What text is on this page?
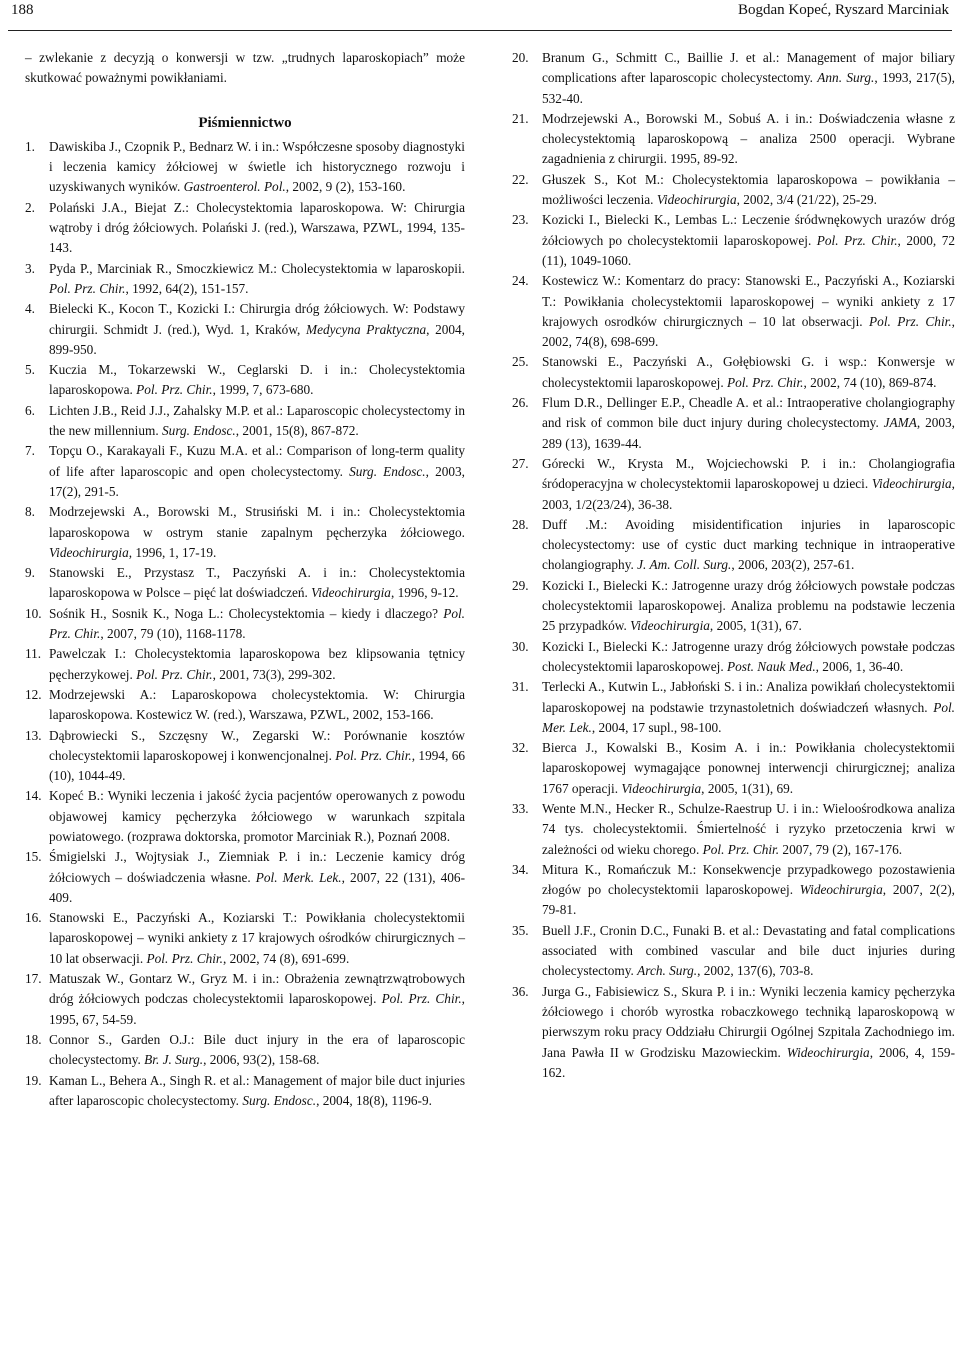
188	Bogdan Kopeć, Ryszard Marciniak

– zwlekanie z decyzją o konwersji w tzw. „trudnych laparoskopiach” może skutkować poważnymi powikłaniami.

Piśmiennictwo
1. Dawiskiba J., Czopnik P., Bednarz W. i in.: Współczesne sposoby diagnostyki i leczenia kamicy żółciowej w świetle ich historycznego rozwoju i uzyskiwanych wyników. Gastroenterol. Pol., 2002, 9 (2), 153-160.
2. Polański J.A., Biejat Z.: Cholecystektomia laparoskopowa. W: Chirurgia wątroby i dróg żółciowych. Polański J. (red.), Warszawa, PZWL, 1994, 135-143.
3. Pyda P., Marciniak R., Smoczkiewicz M.: Cholecystektomia w laparoskopii. Pol. Prz. Chir., 1992, 64(2), 151-157.
4. Bielecki K., Kocon T., Kozicki I.: Chirurgia dróg żółciowych. W: Podstawy chirurgii. Schmidt J. (red.), Wyd. 1, Kraków, Medycyna Praktyczna, 2004, 899-950.
5. Kuczia M., Tokarzewski W., Ceglarski D. i in.: Cholecystektomia laparoskopowa. Pol. Prz. Chir., 1999, 7, 673-680.
6. Lichten J.B., Reid J.J., Zahalsky M.P. et al.: Laparoscopic cholecystectomy in the new millennium. Surg. Endosc., 2001, 15(8), 867-872.
7. Topçu O., Karakayali F., Kuzu M.A. et al.: Comparison of long-term quality of life after laparoscopic and open cholecystectomy. Surg. Endosc., 2003, 17(2), 291-5.
8. Modrzejewski A., Borowski M., Strusiński M. i in.: Cholecystektomia laparoskopowa w ostrym stanie zapalnym pęcherzyka żółciowego. Videochirurgia, 1996, 1, 17-19.
9. Stanowski E., Przystasz T., Paczyński A. i in.: Cholecystektomia laparoskopowa w Polsce – pięć lat doświadczeń. Videochirurgia, 1996, 9-12.
10. Sośnik H., Sosnik K., Noga L.: Cholecystektomia – kiedy i dlaczego? Pol. Prz. Chir., 2007, 79 (10), 1168-1178.
11. Pawelczak I.: Cholecystektomia laparoskopowa bez klipsowania tętnicy pęcherzykowej. Pol. Prz. Chir., 2001, 73(3), 299-302.
12. Modrzejewski A.: Laparoskopowa cholecystektomia. W: Chirurgia laparoskopowa. Kostewicz W. (red.), Warszawa, PZWL, 2002, 153-166.
13. Dąbrowiecki S., Szczęsny W., Zegarski W.: Porównanie kosztów cholecystektomii laparoskopowej i konwencjonalnej. Pol. Prz. Chir., 1994, 66 (10), 1044-49.
14. Kopeć B.: Wyniki leczenia i jakość życia pacjentów operowanych z powodu objawowej kamicy pęcherzyka żółciowego w warunkach szpitala powiatowego. (rozprawa doktorska, promotor Marciniak R.), Poznań 2008.
15. Śmigielski J., Wojtysiak J., Ziemniak P. i in.: Leczenie kamicy dróg żółciowych – doświadczenia własne. Pol. Merk. Lek., 2007, 22 (131), 406-409.
16. Stanowski E., Paczyński A., Koziarski T.: Powikłania cholecystektomii laparoskopowej – wyniki ankiety z 17 krajowych ośrodków chirurgicznych – 10 lat obserwacji. Pol. Prz. Chir., 2002, 74 (8), 691-699.
17. Matuszak W., Gontarz W., Gryz M. i in.: Obrażenia zewnątrzwątrobowych dróg żółciowych podczas cholecystektomii laparoskopowej. Pol. Prz. Chir., 1995, 67, 54-59.
18. Connor S., Garden O.J.: Bile duct injury in the era of laparoscopic cholecystectomy. Br. J. Surg., 2006, 93(2), 158-68.
19. Kaman L., Behera A., Singh R. et al.: Management of major bile duct injuries after laparoscopic cholecystectomy. Surg. Endosc., 2004, 18(8), 1196-9.
20. Branum G., Schmitt C., Baillie J. et al.: Management of major biliary complications after laparoscopic cholecystectomy. Ann. Surg., 1993, 217(5), 532-40.
21. Modrzejewski A., Borowski M., Sobuś A. i in.: Doświadczenia własne z cholecystektomią laparoskopową – analiza 2500 operacji. Wybrane zagadnienia z chirurgii. 1995, 89-92.
22. Głuszek S., Kot M.: Cholecystektomia laparoskopowa – powikłania – możliwości leczenia. Videochirurgia, 2002, 3/4 (21/22), 25-29.
23. Kozicki I., Bielecki K., Lembas L.: Leczenie śródwnękowych urazów dróg żółciowych po cholecystektomii laparoskopowej. Pol. Prz. Chir., 2000, 72 (11), 1049-1060.
24. Kostewicz W.: Komentarz do pracy: Stanowski E., Paczyński A., Koziarski T.: Powikłania cholecystektomii laparoskopowej – wyniki ankiety z 17 krajowych osrodków chirurgicznych – 10 lat obserwacji. Pol. Prz. Chir., 2002, 74(8), 698-699.
25. Stanowski E., Paczyński A., Gołębiowski G. i wsp.: Konwersje w cholecystektomii laparoskopowej. Pol. Prz. Chir., 2002, 74 (10), 869-874.
26. Flum D.R., Dellinger E.P., Cheadle A. et al.: Intraoperative cholangiography and risk of common bile duct injury during cholecystectomy. JAMA, 2003, 289 (13), 1639-44.
27. Górecki W., Krysta M., Wojciechowski P. i in.: Cholangiografia śródoperacyjna w cholecystektomii laparoskopowej u dzieci. Videochirurgia, 2003, 1/2(23/24), 36-38.
28. Duff .M.: Avoiding misidentification injuries in laparoscopic cholecystectomy: use of cystic duct marking technique in intraoperative cholangiography. J. Am. Coll. Surg., 2006, 203(2), 257-61.
29. Kozicki I., Bielecki K.: Jatrogenne urazy dróg żółciowych powstałe podczas cholecystektomii laparoskopowej. Analiza problemu na podstawie leczenia 25 przypadków. Videochirurgia, 2005, 1(31), 67.
30. Kozicki I., Bielecki K.: Jatrogenne urazy dróg żółciowych powstałe podczas cholecystektomii laparoskopowej. Post. Nauk Med., 2006, 1, 36-40.
31. Terlecki A., Kutwin L., Jabłoński S. i in.: Analiza powikłań cholecystektomii laparoskopowej na podstawie trzynastoletnich doświadczeń własnych. Pol. Mer. Lek., 2004, 17 supl., 98-100.
32. Bierca J., Kowalski B., Kosim A. i in.: Powikłania cholecystektomii laparoskopowej wymagające ponownej interwencji chirurgicznej; analiza 1767 operacji. Videochirurgia, 2005, 1(31), 69.
33. Wente M.N., Hecker R., Schulze-Raestrup U. i in.: Wieloośrodkowa analiza 74 tys. cholecystektomii. Śmiertelność i ryzyko przetoczenia krwi w zależności od wieku chorego. Pol. Prz. Chir. 2007, 79 (2), 167-176.
34. Mitura K., Romańczuk M.: Konsekwencje przypadkowego pozostawienia złogów po cholecystektomii laparoskopowej. Wideochirurgia, 2007, 2(2), 79-81.
35. Buell J.F., Cronin D.C., Funaki B. et al.: Devastating and fatal complications associated with combined vascular and bile duct injuries during cholecystectomy. Arch. Surg., 2002, 137(6), 703-8.
36. Jurga G., Fabisiewicz S., Skura P. i in.: Wyniki leczenia kamicy pęcherzyka żółciowego i chorób wyrostka robaczkowego techniką laparoskopową w pierwszym roku pracy Oddziału Chirurgii Ogólnej Szpitala Zachodniego im. Jana Pawła II w Grodzisku Mazowieckim. Wideochirurgia, 2006, 4, 159-162.
